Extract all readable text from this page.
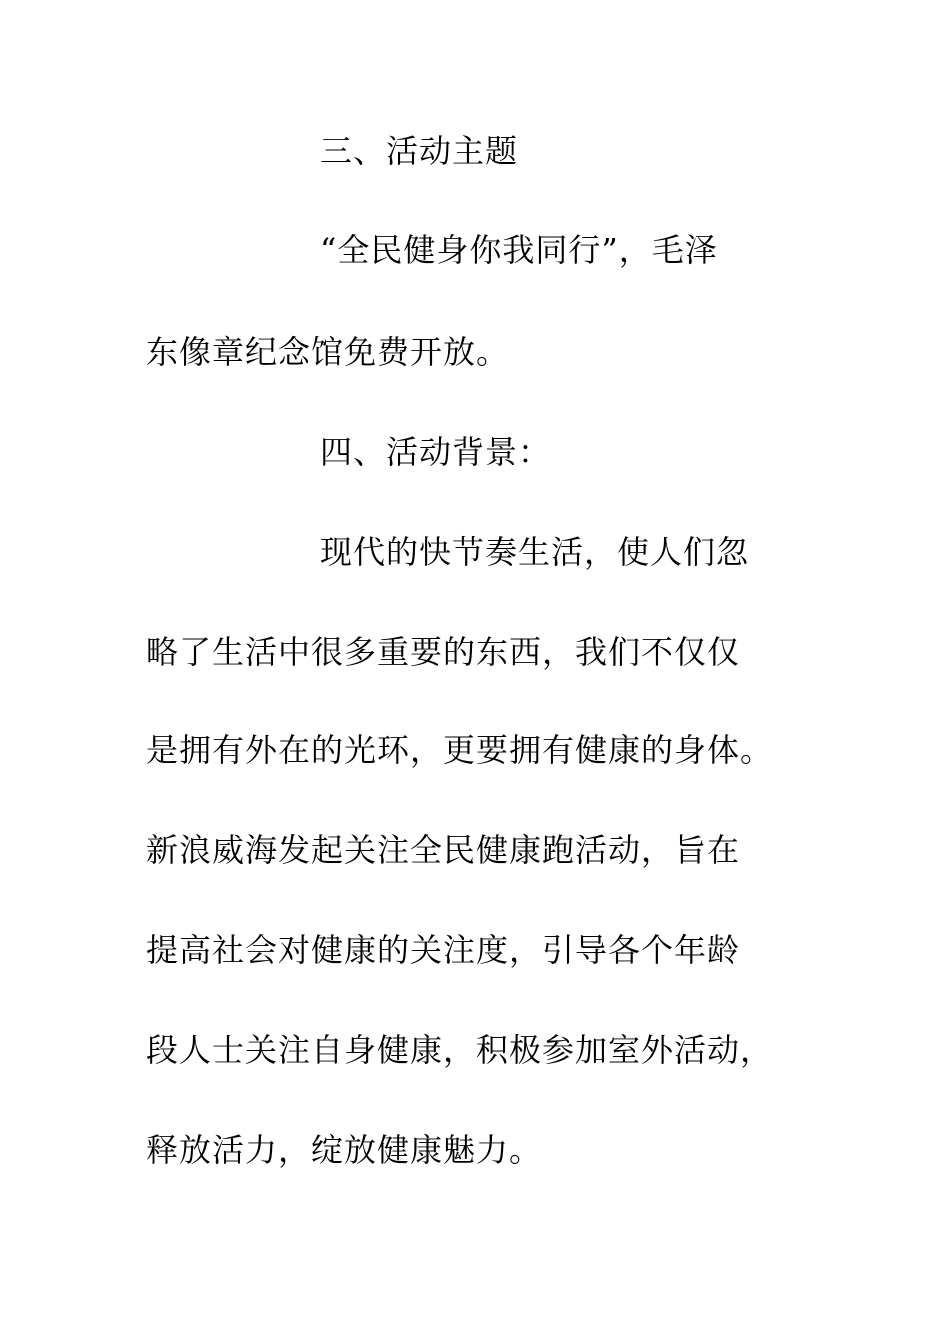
三、活动主题
“全民健身你我同行”，毛泽
东像章纪念馆免费开放。
四、活动背景：
现代的快节奏生活，使人们忽
略了生活中很多重要的东西，我们不仅仅
是拥有外在的光环，更要拥有健康的身体。
新浪威海发起关注全民健康跑活动，旨在
提高社会对健康的关注度，引导各个年龄
段人士关注自身健康，积极参加室外活动，
释放活力，绽放健康魅力。
